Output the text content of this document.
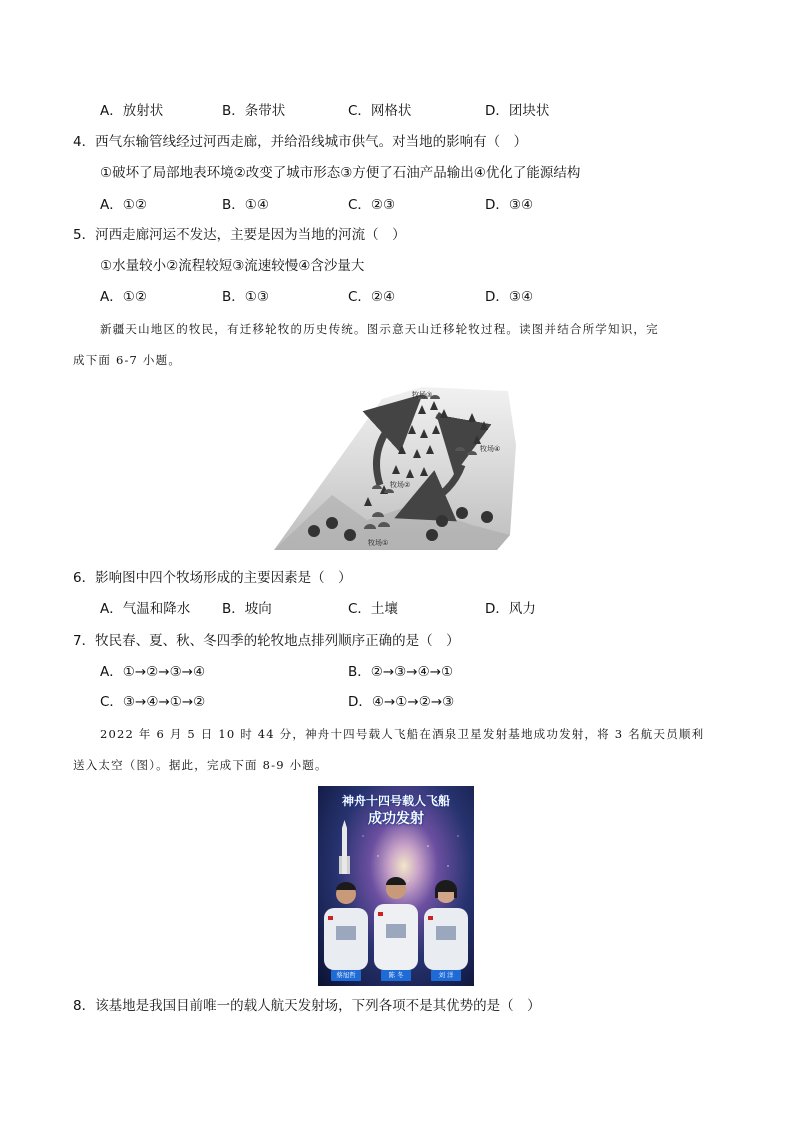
A．放射状	B．条带状	C．网格状	D．团块状
4．西气东输管线经过河西走廊，并给沿线城市供气。对当地的影响有（　）
①破坏了局部地表环境②改变了城市形态③方便了石油产品输出④优化了能源结构
A．①②	B．①④	C．②③	D．③④
5．河西走廊河运不发达，主要是因为当地的河流（　）
①水量较小②流程较短③流速较慢④含沙量大
A．①②	B．①③	C．②④	D．③④
新疆天山地区的牧民，有迁移轮牧的历史传统。图示意天山迁移轮牧过程。读图并结合所学知识，完
成下面 6-7 小题。
牧场③
牧场④
牧场②
牧场①
6．影响图中四个牧场形成的主要因素是（　）
A．气温和降水 B．坡向	C．土壤	D．风力
7．牧民春、夏、秋、冬四季的轮牧地点排列顺序正确的是（　）
A．①→②→③→④	B．②→③→④→①
C．③→④→①→②	D．④→①→②→③
2022 年 6 月 5 日 10 时 44 分，神舟十四号载人飞船在酒泉卫星发射基地成功发射，将 3 名航天员顺利
送入太空（图）。据此，完成下面 8-9 小题。
神舟十四号载人飞船
成功发射
蔡旭哲	陈 冬	刘 洋
8．该基地是我国目前唯一的载人航天发射场，下列各项不是其优势的是（　）
